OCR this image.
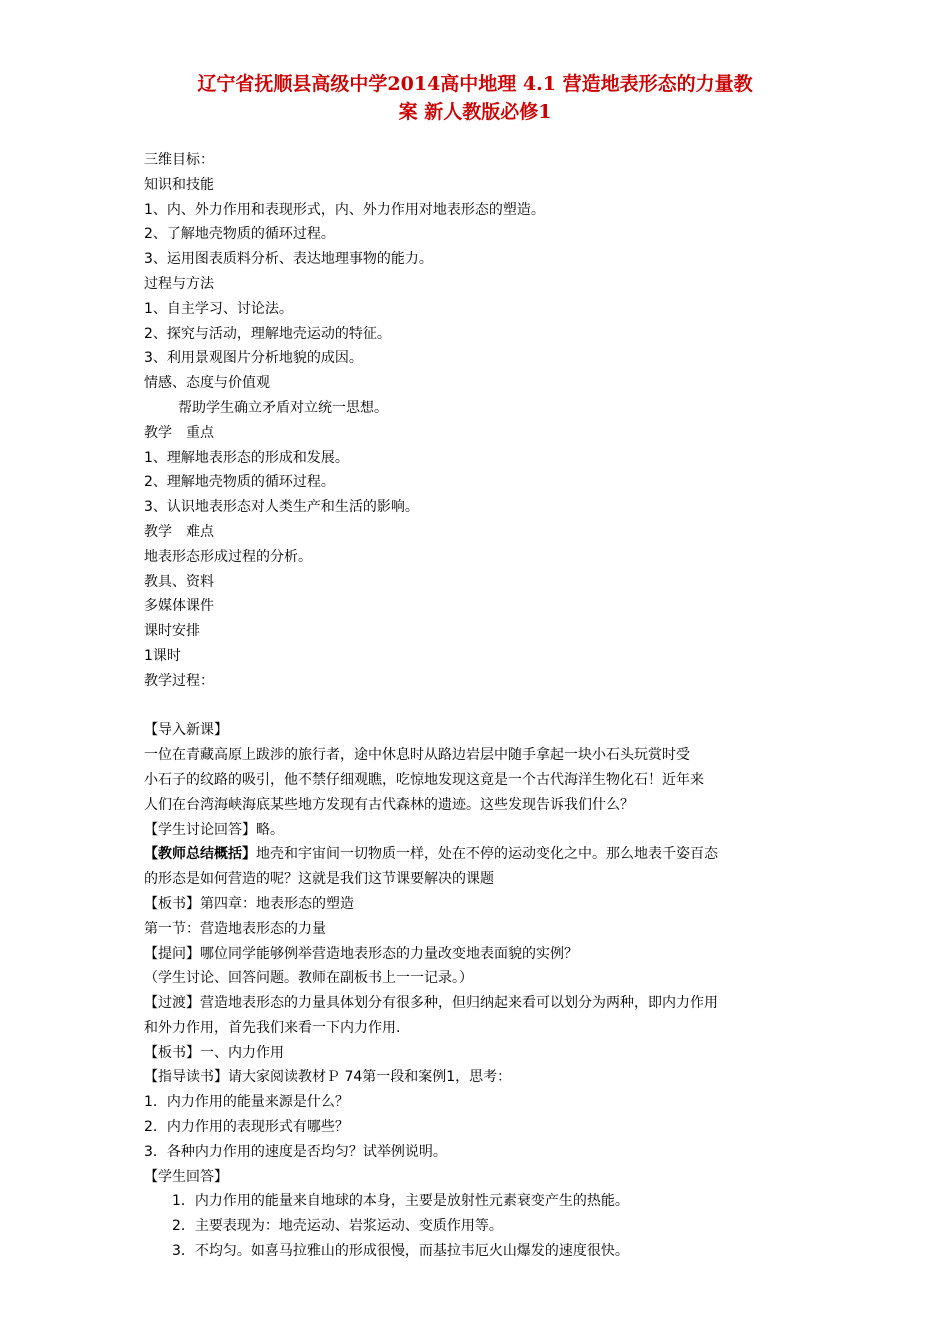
辽宁省抚顺县高级中学2014高中地理 4.1 营造地表形态的力量教
案 新人教版必修1
三维目标：
知识和技能
1、内、外力作用和表现形式，内、外力作用对地表形态的塑造。
2、了解地壳物质的循环过程。
3、运用图表质料分析、表达地理事物的能力。
过程与方法
1、自主学习、讨论法。
2、探究与活动，理解地壳运动的特征。
3、利用景观图片分析地貌的成因。
情感、态度与价值观
帮助学生确立矛盾对立统一思想。
教学　重点
1、理解地表形态的形成和发展。
2、理解地壳物质的循环过程。
3、认识地表形态对人类生产和生活的影响。
教学　难点
地表形态形成过程的分析。
教具、资料
多媒体课件
课时安排
1课时
教学过程：
【导入新课】
一位在青藏高原上跋涉的旅行者，途中休息时从路边岩层中随手拿起一块小石头玩赏时受
小石子的纹路的吸引，他不禁仔细观瞧，吃惊地发现这竟是一个古代海洋生物化石！近年来
人们在台湾海峡海底某些地方发现有古代森林的遗迹。这些发现告诉我们什么？
【学生讨论回答】略。
【教师总结概括】地壳和宇宙间一切物质一样，处在不停的运动变化之中。那么地表千姿百态
的形态是如何营造的呢？这就是我们这节课要解决的课题
【板书】第四章：地表形态的塑造
第一节：营造地表形态的力量
【提问】哪位同学能够例举营造地表形态的力量改变地表面貌的实例？
（学生讨论、回答问题。教师在副板书上一一记录。）
【过渡】营造地表形态的力量具体划分有很多种，但归纳起来看可以划分为两种，即内力作用
和外力作用，首先我们来看一下内力作用.
【板书】一、内力作用
【指导读书】请大家阅读教材Ｐ 74第一段和案例1，思考：
1．内力作用的能量来源是什么？
2．内力作用的表现形式有哪些？
3．各种内力作用的速度是否均匀？试举例说明。
【学生回答】
1．内力作用的能量来自地球的本身，主要是放射性元素衰变产生的热能。
2．主要表现为：地壳运动、岩浆运动、变质作用等。
3．不均匀。如喜马拉雅山的形成很慢，而基拉韦厄火山爆发的速度很快。
